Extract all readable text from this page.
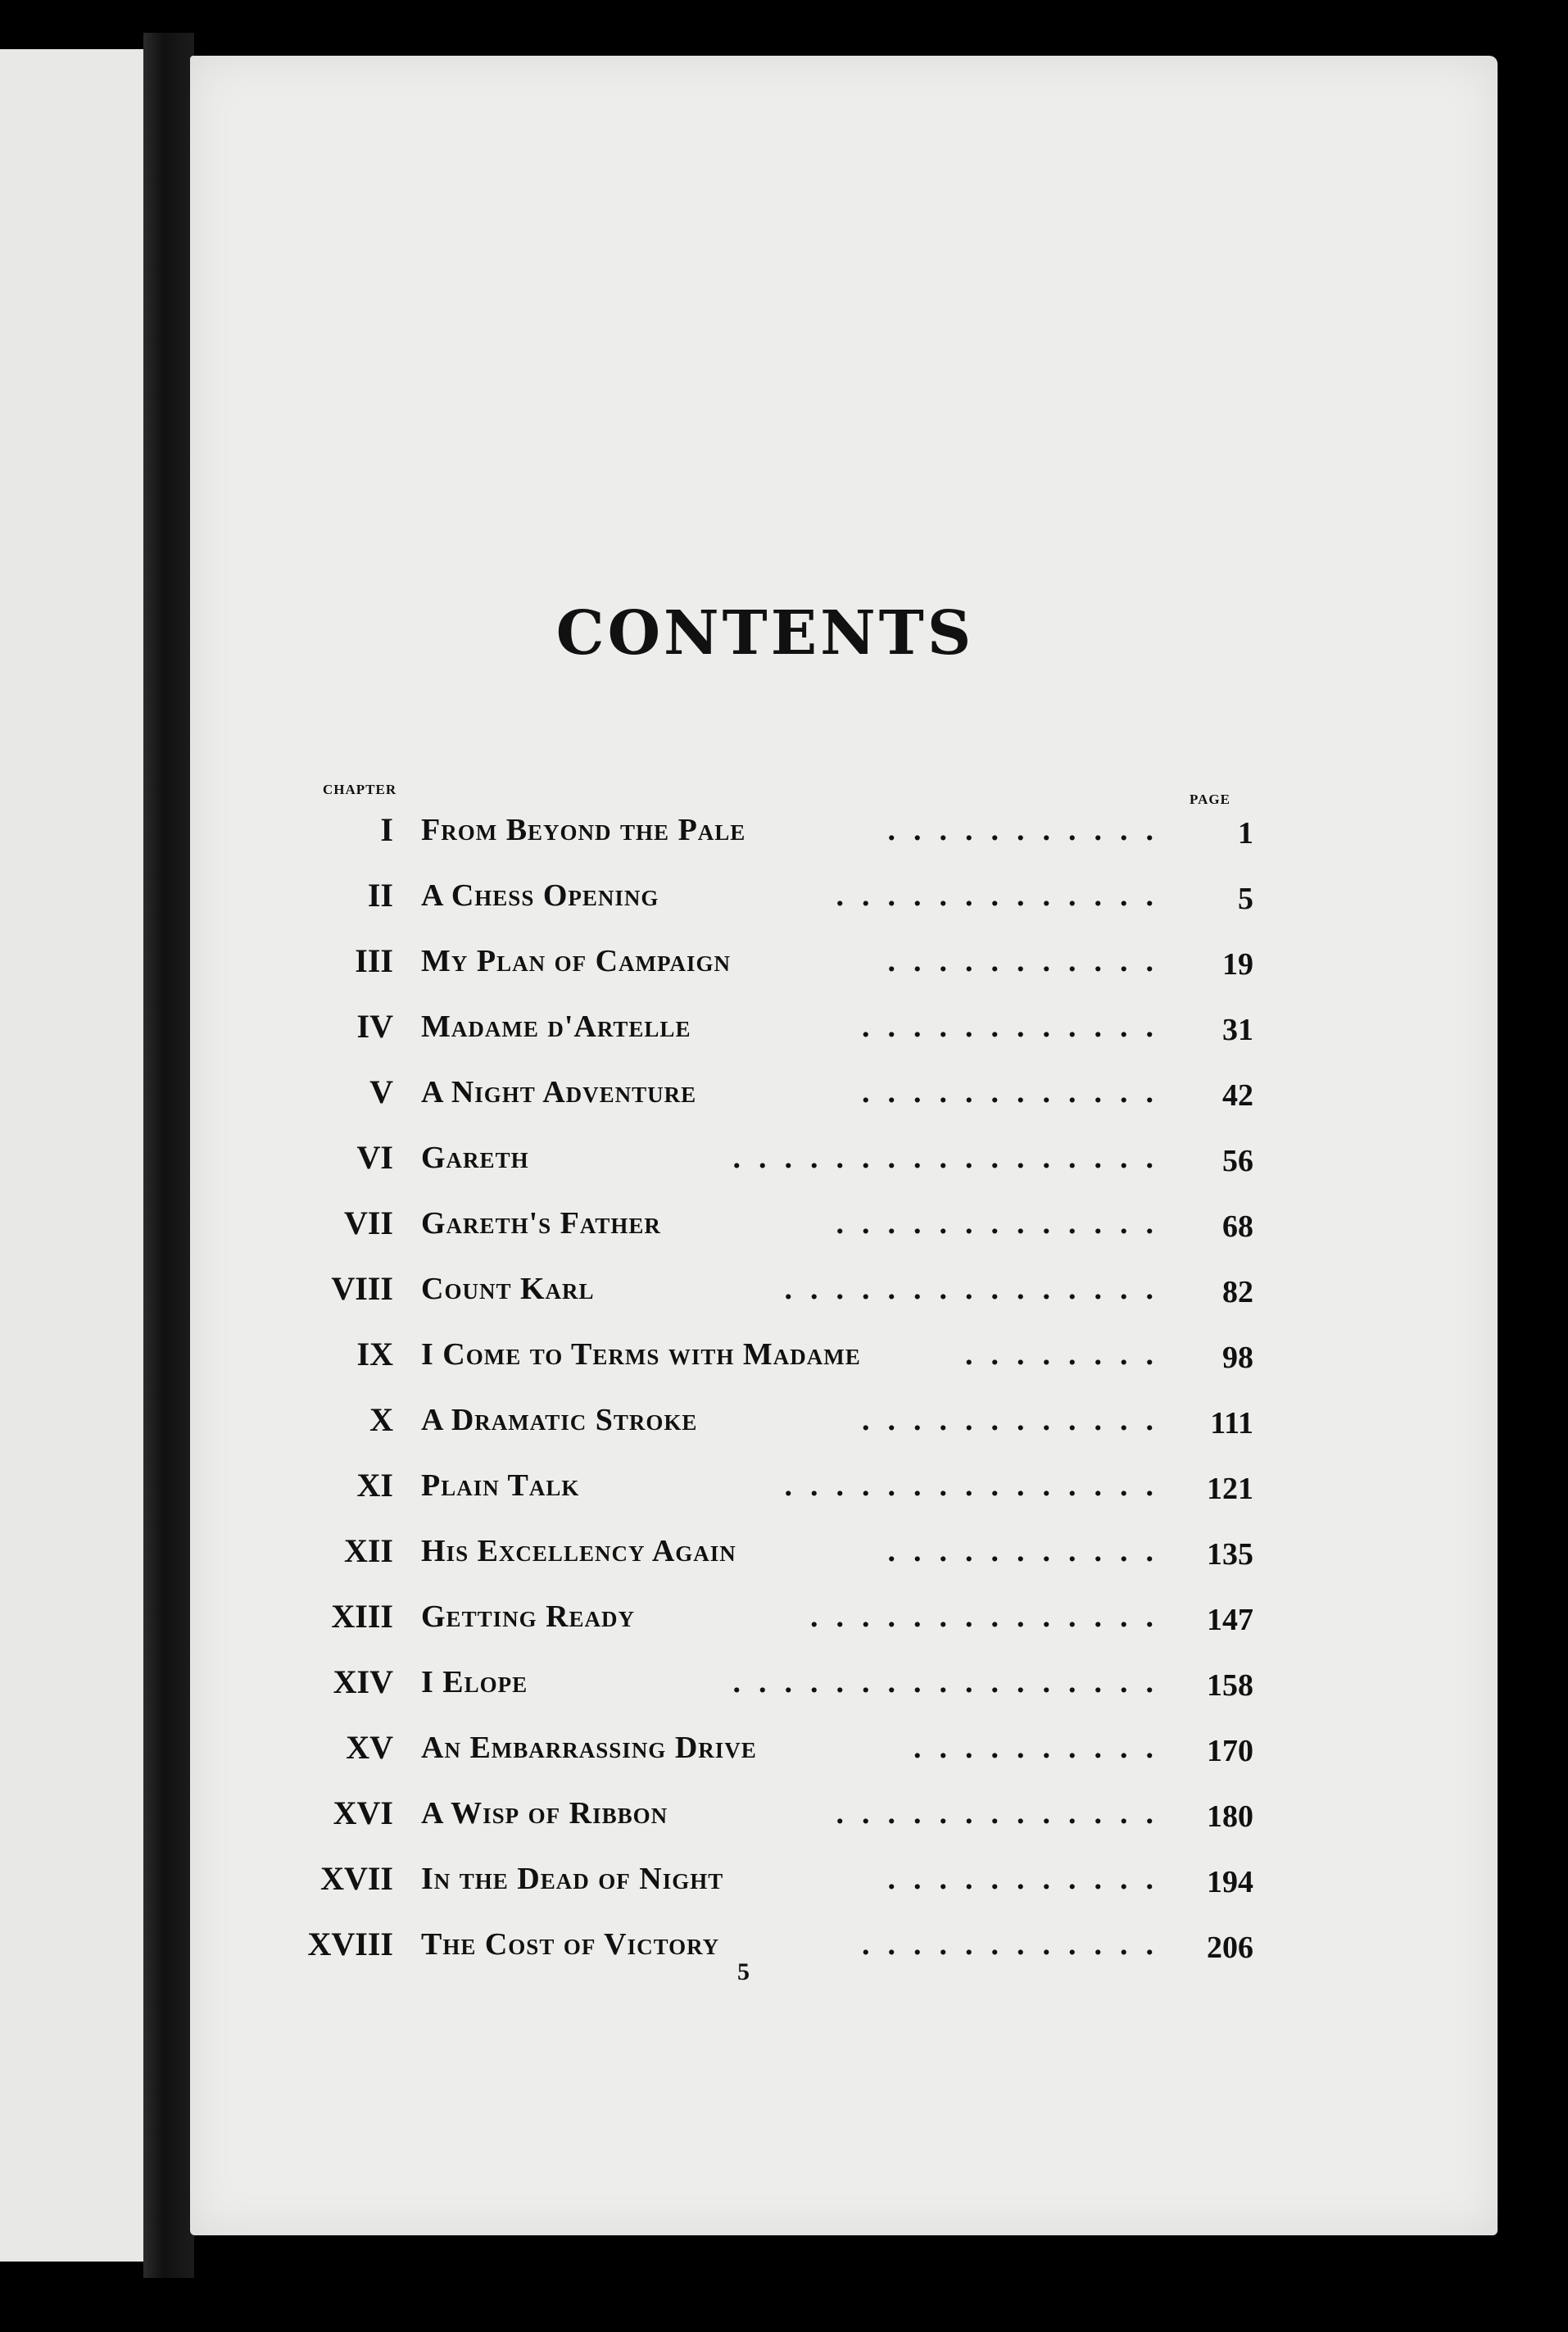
CONTENTS
CHAPTER
PAGE
I From Beyond the Pale	...........	1
II A Chess Opening	.............	5
III My Plan of Campaign	...........	19
IV Madame d'Artelle	............	31
V A Night Adventure	............	42
VI Gareth	.................	56
VII Gareth's Father	.............	68
VIII Count Karl	...............	82
IX I Come to Terms with Madame	........	98
X A Dramatic Stroke	............	111
XI Plain Talk	...............	121
XII His Excellency Again	...........	135
XIII Getting Ready	..............	147
XIV I Elope	.................	158
XV An Embarrassing Drive	..........	170
XVI A Wisp of Ribbon	.............	180
XVII In the Dead of Night	...........	194
XVIII The Cost of Victory	............	206
5
